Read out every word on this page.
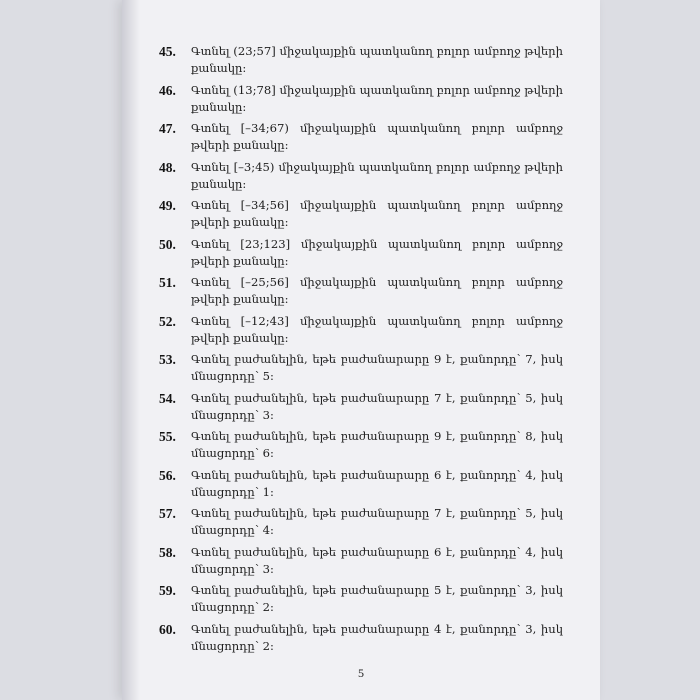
45.	Գտնել (23;57] միջակայքին պատկանող բոլոր ամբողջ թվերի քանակը:
46.	Գտնել (13;78] միջակայքին պատկանող բոլոր ամբողջ թվերի քանակը:
47.	Գտնել [–34;67) միջակայքին պատկանող բոլոր ամբողջ թվերի քանակը:
48.	Գտնել [–3;45) միջակայքին պատկանող բոլոր ամբողջ թվերի քանակը:
49.	Գտնել [–34;56] միջակայքին պատկանող բոլոր ամբողջ թվերի քանակը:
50.	Գտնել [23;123] միջակայքին պատկանող բոլոր ամբողջ թվերի քանակը:
51.	Գտնել [–25;56] միջակայքին պատկանող բոլոր ամբողջ թվերի քանակը:
52.	Գտնել [–12;43] միջակայքին պատկանող բոլոր ամբողջ թվերի քանակը:
53.	Գտնել բաժանելին, եթե բաժանարարը 9 է, քանորդը՝ 7, իսկ մնացորդը՝ 5:
54.	Գտնել բաժանելին, եթե բաժանարարը 7 է, քանորդը՝ 5, իսկ մնացորդը՝ 3:
55.	Գտնել բաժանելին, եթե բաժանարարը 9 է, քանորդը՝ 8, իսկ մնացորդը՝ 6:
56.	Գտնել բաժանելին, եթե բաժանարարը 6 է, քանորդը՝ 4, իսկ մնացորդը՝ 1:
57.	Գտնել բաժանելին, եթե բաժանարարը 7 է, քանորդը՝ 5, իսկ մնացորդը՝ 4:
58.	Գտնել բաժանելին, եթե բաժանարարը 6 է, քանորդը՝ 4, իսկ մնացորդը՝ 3:
59.	Գտնել բաժանելին, եթե բաժանարարը 5 է, քանորդը՝ 3, իսկ մնացորդը՝ 2:
60.	Գտնել բաժանելին, եթե բաժանարարը 4 է, քանորդը՝ 3, իսկ մնացորդը՝ 2:
5
